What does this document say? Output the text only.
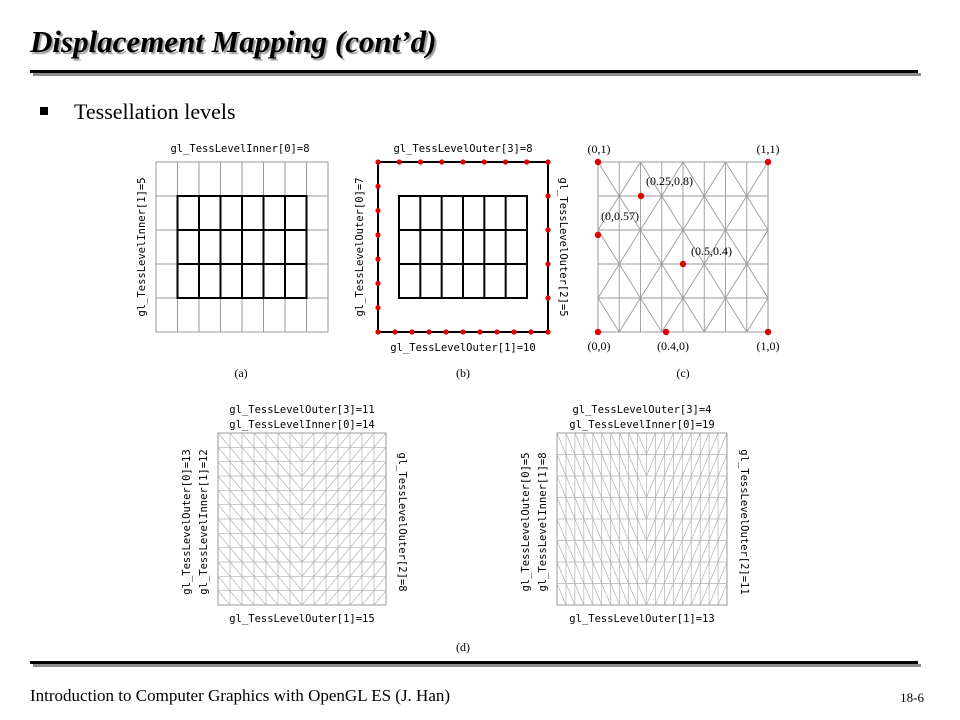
Displacement Mapping (cont’d)
Tessellation levels
gl_TessLevelInner[0]=8
gl_TessLevelInner[1]=5
(a)
gl_TessLevelOuter[3]=8
gl_TessLevelOuter[0]=7	gl_TessLevelOuter[2]=5
gl_TessLevelOuter[1]=10
(b)
(0,1)	(1,1)
(0.25,0.8)
(0,0.57)
(0.5,0.4)
(0,0)	(0.4,0)	(1,0)
(c)
gl_TessLevelOuter[3]=11
gl_TessLevelInner[0]=14
gl_TessLevelOuter[0]=13 gl_TessLevelInner[1]=12	gl_TessLevelOuter[2]=8
gl_TessLevelOuter[1]=15
gl_TessLevelOuter[3]=4
gl_TessLevelInner[0]=19
gl_TessLevelOuter[0]=5 gl_TessLevelInner[1]=8	gl_TessLevelOuter[2]=11
gl_TessLevelOuter[1]=13
(d)
Introduction to Computer Graphics with OpenGL ES (J. Han)	18-6
